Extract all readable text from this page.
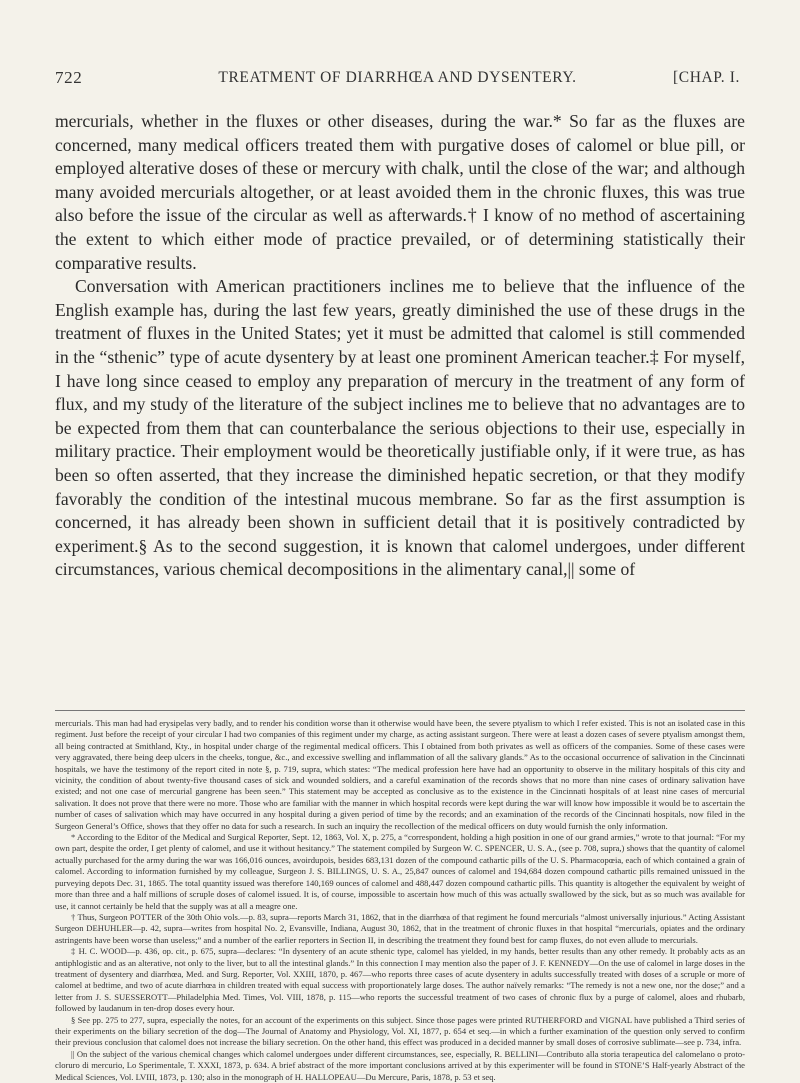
722	TREATMENT OF DIARRHŒA AND DYSENTERY.	[CHAP. I.

mercurials, whether in the fluxes or other diseases, during the war.* So far as the fluxes are concerned, many medical officers treated them with purgative doses of calomel or blue pill, or employed alterative doses of these or mercury with chalk, until the close of the war; and although many avoided mercurials altogether, or at least avoided them in the chronic fluxes, this was true also before the issue of the circular as well as afterwards.† I know of no method of ascertaining the extent to which either mode of practice prevailed, or of determining statistically their comparative results.

Conversation with American practitioners inclines me to believe that the influence of the English example has, during the last few years, greatly diminished the use of these drugs in the treatment of fluxes in the United States; yet it must be admitted that calomel is still commended in the “sthenic” type of acute dysentery by at least one prominent American teacher.‡ For myself, I have long since ceased to employ any preparation of mercury in the treatment of any form of flux, and my study of the literature of the subject inclines me to believe that no advantages are to be expected from them that can counterbalance the serious objections to their use, especially in military practice. Their employment would be theoretically justifiable only, if it were true, as has been so often asserted, that they increase the diminished hepatic secretion, or that they modify favorably the condition of the intestinal mucous membrane. So far as the first assumption is concerned, it has already been shown in sufficient detail that it is positively contradicted by experiment.§ As to the second suggestion, it is known that calomel undergoes, under different circumstances, various chemical decompositions in the alimentary canal,|| some of

mercurials. This man had had erysipelas very badly, and to render his condition worse than it otherwise would have been, the severe ptyalism to which I refer existed. This is not an isolated case in this regiment. Just before the receipt of your circular I had two companies of this regiment under my charge, as acting assistant surgeon. There were at least a dozen cases of severe ptyalism amongst them, all being contracted at Smithland, Kty., in hospital under charge of the regimental medical officers. This I obtained from both privates as well as officers of the companies. Some of these cases were very aggravated, there being deep ulcers in the cheeks, tongue, &c., and excessive swelling and inflammation of all the salivary glands.” As to the occasional occurrence of salivation in the Cincinnati hospitals, we have the testimony of the report cited in note §, p. 719, supra, which states: “The medical profession here have had an opportunity to observe in the military hospitals of this city and vicinity, the condition of about twenty-five thousand cases of sick and wounded soldiers, and a careful examination of the records shows that no more than nine cases of ordinary salivation have existed; and not one case of mercurial gangrene has been seen.” This statement may be accepted as conclusive as to the existence in the Cincinnati hospitals of at least nine cases of mercurial salivation. It does not prove that there were no more. Those who are familiar with the manner in which hospital records were kept during the war will know how impossible it would be to ascertain the number of cases of salivation which may have occurred in any hospital during a given period of time by the records; and an examination of the records of the Cincinnati hospitals, now filed in the Surgeon General’s Office, shows that they offer no data for such a research. In such an inquiry the recollection of the medical officers on duty would furnish the only information.

* According to the Editor of the Medical and Surgical Reporter, Sept. 12, 1863, Vol. X, p. 275, a “correspondent, holding a high position in one of our grand armies,” wrote to that journal: “For my own part, despite the order, I get plenty of calomel, and use it without hesitancy.” The statement compiled by Surgeon W. C. SPENCER, U. S. A., (see p. 708, supra,) shows that the quantity of calomel actually purchased for the army during the war was 166,016 ounces, avoirdupois, besides 683,131 dozen of the compound cathartic pills of the U. S. Pharmacopœia, each of which contained a grain of calomel. According to information furnished by my colleague, Surgeon J. S. BILLINGS, U. S. A., 25,847 ounces of calomel and 194,684 dozen compound cathartic pills remained unissued in the purveying depots Dec. 31, 1865. The total quantity issued was therefore 140,169 ounces of calomel and 488,447 dozen compound cathartic pills. This quantity is altogether the equivalent by weight of more than three and a half millions of scruple doses of calomel issued. It is, of course, impossible to ascertain how much of this was actually swallowed by the sick, but as so much was available for use, it cannot certainly be held that the supply was at all a meagre one.

† Thus, Surgeon POTTER of the 30th Ohio vols.—p. 83, supra—reports March 31, 1862, that in the diarrhœa of that regiment he found mercurials “almost universally injurious.” Acting Assistant Surgeon DEHUHLER—p. 42, supra—writes from hospital No. 2, Evansville, Indiana, August 30, 1862, that in the treatment of chronic fluxes in that hospital “mercurials, opiates and the ordinary astringents have been worse than useless;” and a number of the earlier reporters in Section II, in describing the treatment they found best for camp fluxes, do not even allude to mercurials.

‡ H. C. WOOD—p. 436, op. cit., p. 675, supra—declares: “In dysentery of an acute sthenic type, calomel has yielded, in my hands, better results than any other remedy. It probably acts as an antiphlogistic and as an alterative, not only to the liver, but to all the intestinal glands.” In this connection I may mention also the paper of J. F. KENNEDY—On the use of calomel in large doses in the treatment of dysentery and diarrhœa, Med. and Surg. Reporter, Vol. XXIII, 1870, p. 467—who reports three cases of acute dysentery in adults successfully treated with doses of a scruple or more of calomel at bedtime, and two of acute diarrhœa in children treated with equal success with proportionately large doses. The author naïvely remarks: “The remedy is not a new one, nor the dose;” and a letter from J. S. SUESSEROTT—Philadelphia Med. Times, Vol. VIII, 1878, p. 115—who reports the successful treatment of two cases of chronic flux by a purge of calomel, aloes and rhubarb, followed by laudanum in ten-drop doses every hour.

§ See pp. 275 to 277, supra, especially the notes, for an account of the experiments on this subject. Since those pages were printed RUTHERFORD and VIGNAL have published a Third series of their experiments on the biliary secretion of the dog—The Journal of Anatomy and Physiology, Vol. XI, 1877, p. 654 et seq.—in which a further examination of the question only served to confirm their previous conclusion that calomel does not increase the biliary secretion. On the other hand, this effect was produced in a decided manner by small doses of corrosive sublimate—see p. 734, infra.

|| On the subject of the various chemical changes which calomel undergoes under different circumstances, see, especially, R. BELLINI—Contributo alla storia terapeutica del calomelano o proto-cloruro di mercurio, Lo Sperimentale, T. XXXI, 1873, p. 634. A brief abstract of the more important conclusions arrived at by this experimenter will be found in STONE’S Half-yearly Abstract of the Medical Sciences, Vol. LVIII, 1873, p. 130; also in the monograph of H. HALLOPEAU—Du Mercure, Paris, 1878, p. 53 et seq.
